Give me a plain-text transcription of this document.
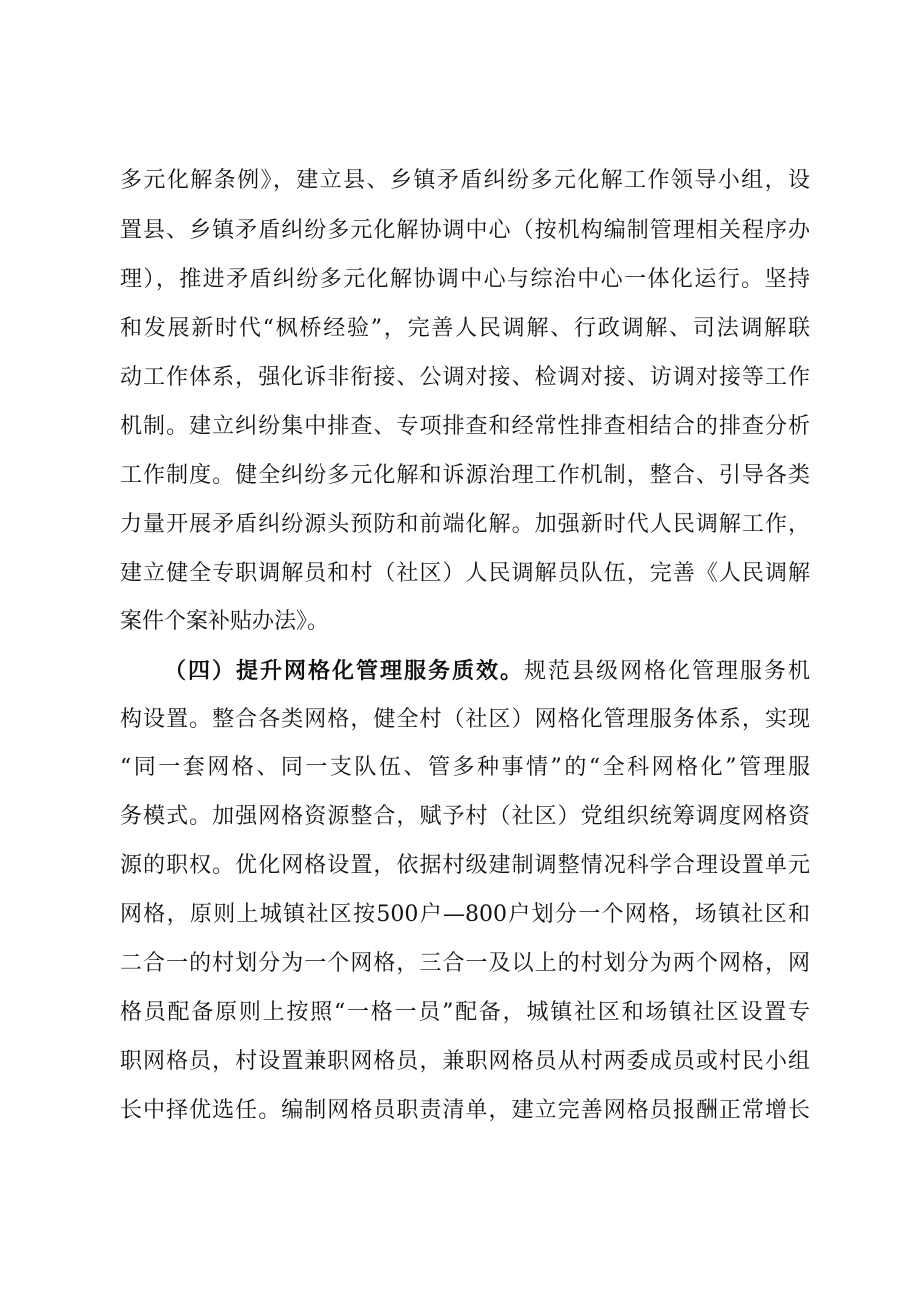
多元化解条例》，建立县、乡镇矛盾纠纷多元化解工作领导小组，设

置县、乡镇矛盾纠纷多元化解协调中心（按机构编制管理相关程序办

理），推进矛盾纠纷多元化解协调中心与综治中心一体化运行。坚持

和发展新时代“枫桥经验”，完善人民调解、行政调解、司法调解联

动工作体系，强化诉非衔接、公调对接、检调对接、访调对接等工作

机制。建立纠纷集中排查、专项排查和经常性排查相结合的排查分析

工作制度。健全纠纷多元化解和诉源治理工作机制，整合、引导各类

力量开展矛盾纠纷源头预防和前端化解。加强新时代人民调解工作，

建立健全专职调解员和村（社区）人民调解员队伍，完善《人民调解

案件个案补贴办法》。

（四）提升网格化管理服务质效。规范县级网格化管理服务机

构设置。整合各类网格，健全村（社区）网格化管理服务体系，实现

“同一套网格、同一支队伍、管多种事情”的“全科网格化”管理服

务模式。加强网格资源整合，赋予村（社区）党组织统筹调度网格资

源的职权。优化网格设置，依据村级建制调整情况科学合理设置单元

网格，原则上城镇社区按500户—800户划分一个网格，场镇社区和

二合一的村划分为一个网格，三合一及以上的村划分为两个网格，网

格员配备原则上按照“一格一员”配备，城镇社区和场镇社区设置专

职网格员，村设置兼职网格员，兼职网格员从村两委成员或村民小组

长中择优选任。编制网格员职责清单，建立完善网格员报酬正常增长
